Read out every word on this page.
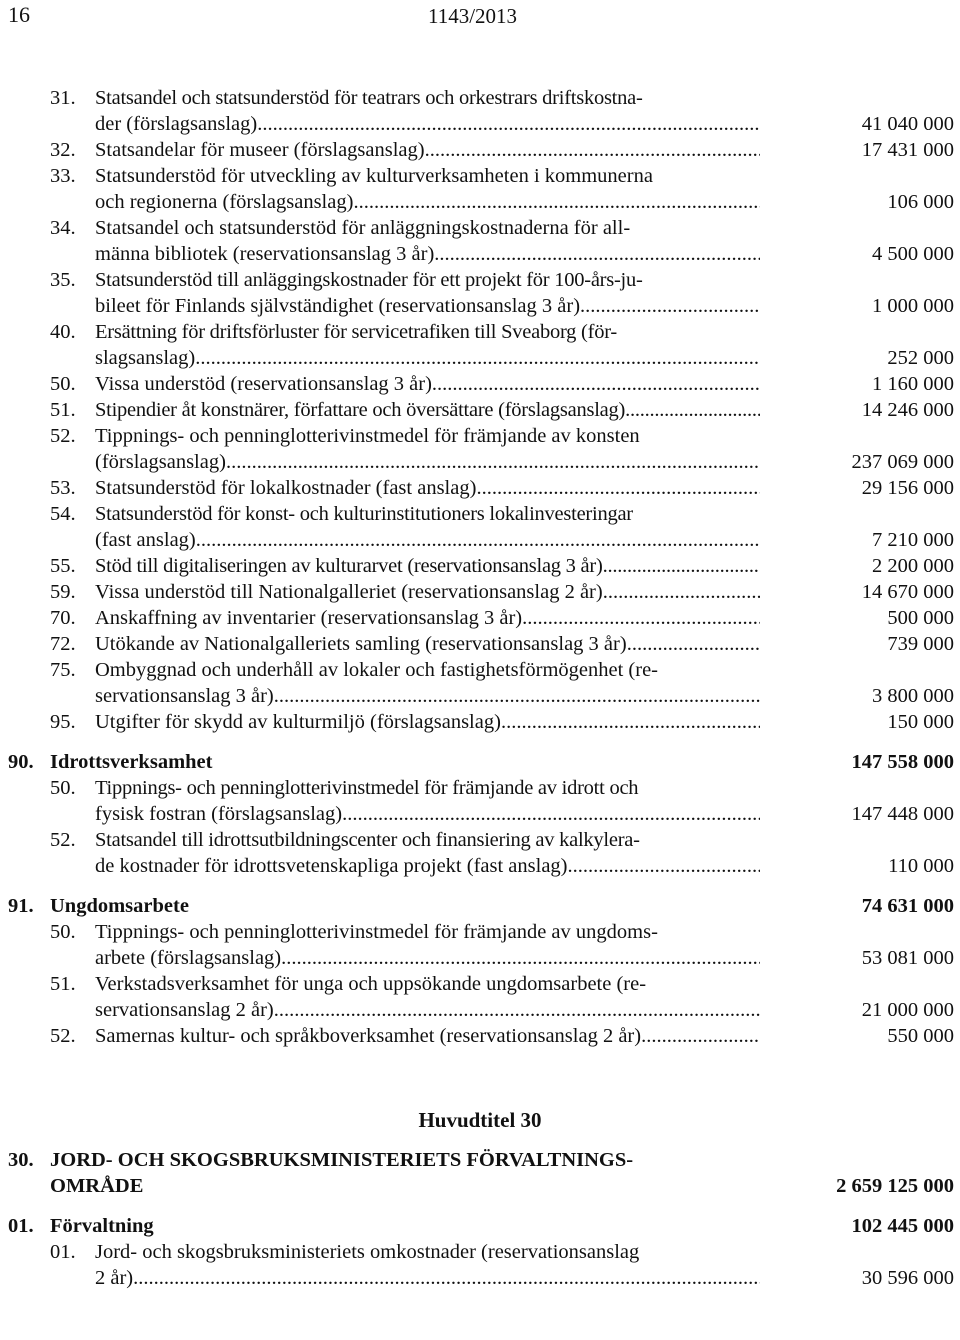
16	1143/2013
31. Statsandel och statsunderstöd för teatrars och orkestrars driftskostna-
der (förslagsanslag) .....	41 040 000
32. Statsandelar för museer (förslagsanslag) .....	17 431 000
33. Statsunderstöd för utveckling av kulturverksamheten i kommunerna
och regionerna (förslagsanslag) .....	106 000
34. Statsandel och statsunderstöd för anläggningskostnaderna för all-
männa bibliotek (reservationsanslag 3 år) .....	4 500 000
35. Statsunderstöd till anläggingskostnader för ett projekt för 100-års-ju-
bileet för Finlands självständighet (reservationsanslag 3 år) .....	1 000 000
40. Ersättning för driftsförluster för servicetrafiken till Sveaborg (för-
slagsanslag) .....	252 000
50. Vissa understöd (reservationsanslag 3 år) .....	1 160 000
51. Stipendier åt konstnärer, författare och översättare (förslagsanslag) .....	14 246 000
52. Tippnings- och penninglotterivinstmedel för främjande av konsten
(förslagsanslag) .....	237 069 000
53. Statsunderstöd för lokalkostnader (fast anslag) .....	29 156 000
54. Statsunderstöd för konst- och kulturinstitutioners lokalinvesteringar
(fast anslag) .....	7 210 000
55. Stöd till digitaliseringen av kulturarvet (reservationsanslag 3 år) .....	2 200 000
59. Vissa understöd till Nationalgalleriet (reservationsanslag 2 år) .....	14 670 000
70. Anskaffning av inventarier (reservationsanslag 3 år) .....	500 000
72. Utökande av Nationalgalleriets samling (reservationsanslag 3 år) .....	739 000
75. Ombyggnad och underhåll av lokaler och fastighetsförmögenhet (re-
servationsanslag 3 år) .....	3 800 000
95. Utgifter för skydd av kulturmiljö (förslagsanslag) .....	150 000
90. Idrottsverksamhet	147 558 000
50. Tippnings- och penninglotterivinstmedel för främjande av idrott och
fysisk fostran (förslagsanslag) .....	147 448 000
52. Statsandel till idrottsutbildningscenter och finansiering av kalkylera-
de kostnader för idrottsvetenskapliga projekt (fast anslag) .....	110 000
91. Ungdomsarbete	74 631 000
50. Tippnings- och penninglotterivinstmedel för främjande av ungdoms-
arbete (förslagsanslag) .....	53 081 000
51. Verkstadsverksamhet för unga och uppsökande ungdomsarbete (re-
servationsanslag 2 år) .....	21 000 000
52. Samernas kultur- och språkboverksamhet (reservationsanslag 2 år) .....	550 000
Huvudtitel 30
30. JORD- OCH SKOGSBRUKSMINISTERIETS FÖRVALTNINGS-
OMRÅDE	2 659 125 000
01. Förvaltning	102 445 000
01. Jord- och skogsbruksministeriets omkostnader (reservationsanslag
2 år) .....	30 596 000
